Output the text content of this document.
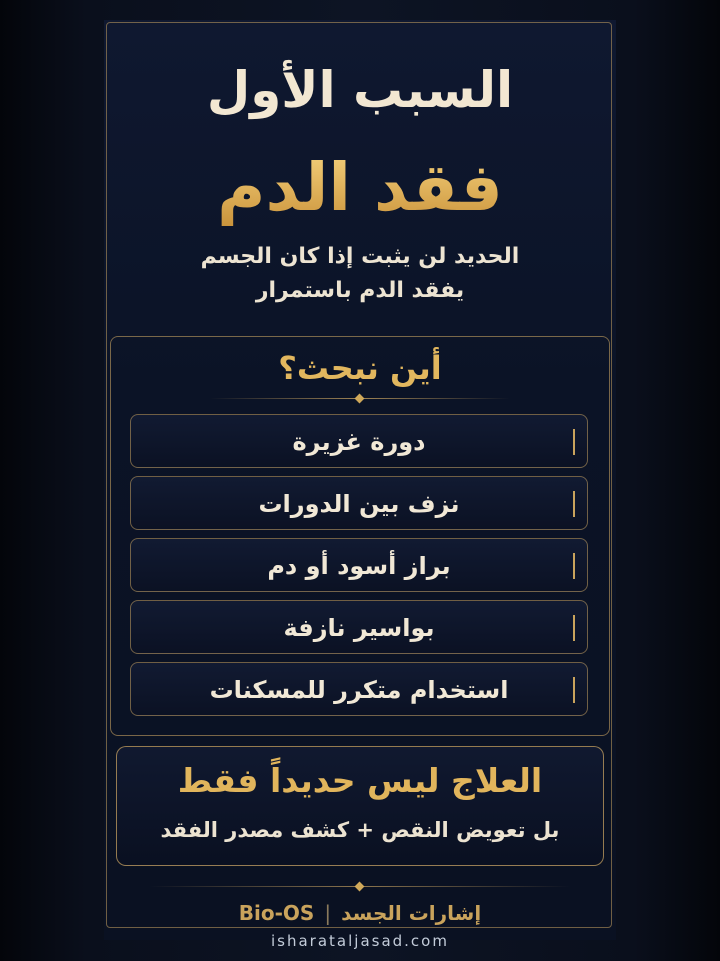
السبب الأول
فقد الدم
الحديد لن يثبت إذا كان الجسم
يفقد الدم باستمرار
أين نبحث؟
دورة غزيرة
نزف بين الدورات
براز أسود أو دم
بواسير نازفة
استخدام متكرر للمسكنات
العلاج ليس حديداً فقط
بل تعويض النقص + كشف مصدر الفقد
Bio-OS | إشارات الجسد
isharataljasad.com
